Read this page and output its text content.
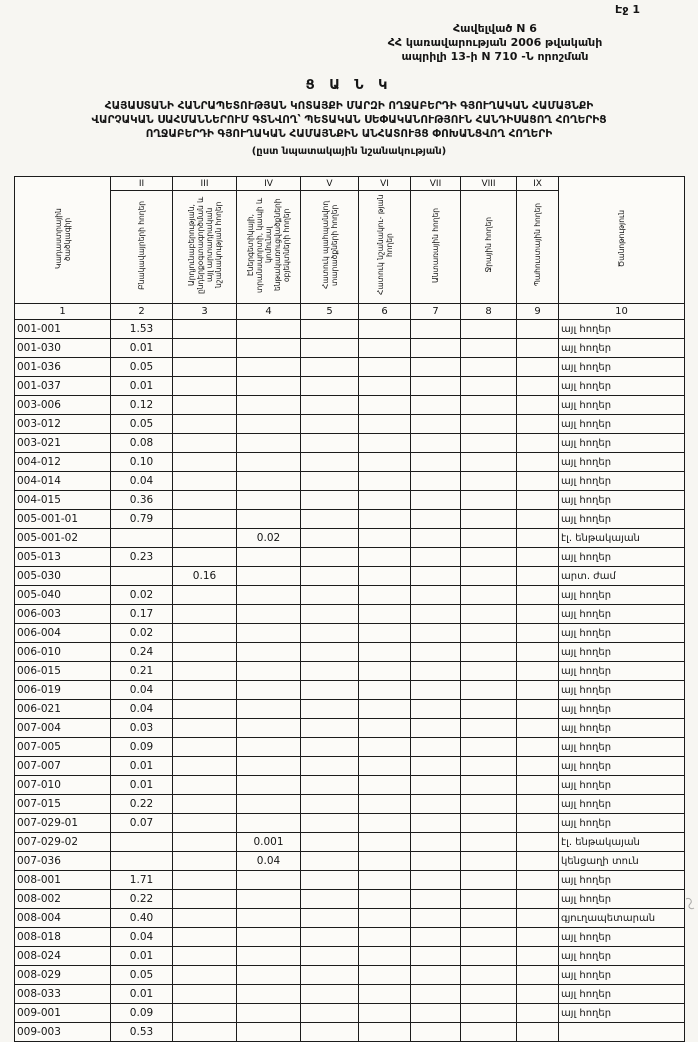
Էջ 1
Հավելված N 6
ՀՀ կառավարության 2006 թվականի
ապրիլի 13-ի N 710 -Ն որոշման
Ց Ա Ն Կ
ՀԱՅԱՍՏԱՆԻ ՀԱՆՐԱՊԵՏՈՒԹՅԱՆ ԿՈՏԱՅՔԻ ՄԱՐԶԻ ՈՂՋԱԲԵՐԴԻ ԳՅՈՒՂԱԿԱՆ ՀԱՄԱՅՆՔԻ
ՎԱՐՉԱԿԱՆ ՍԱՀՄԱՆՆԵՐՈՒՄ ԳՏՆՎՈՂ՝ ՊԵՏԱԿԱՆ ՍԵՓԱԿԱՆՈՒԹՅՈՒՆ ՀԱՆԴԻՍԱՑՈՂ ՀՈՂԵՐԻՑ
ՈՂՋԱԲԵՐԴԻ ԳՅՈՒՂԱԿԱՆ ՀԱՄԱՅՆՔԻՆ ԱՆՀԱՏՈՒՅՑ ՓՈԽԱՆՑՎՈՂ ՀՈՂԵՐԻ
(ըստ նպատակային նշանակության)
Կադաստրային ծածկագիր	II	III	IV	V	VI	VII	VIII	IX	Ծանոթություն
	Բնակավայրերի հողեր	Արդյունաբերության, ընդերքօգտագործման և այլ արտադրական նշանակության հողեր	Էներգետիկայի, տրանսպորտի, կապի և կոմունալ ենթակառուցվածքների օբյեկտների հողեր	Հատուկ պահպանվող տարածքների հողեր	Հատուկ նշանակու- թյան հողեր	Անտառային հողեր	Ջրային հողեր	Պահուստային հողեր	
1	2	3	4	5	6	7	8	9	10
001-001	1.53								այլ հողեր
001-030	0.01								այլ հողեր
001-036	0.05								այլ հողեր
001-037	0.01								այլ հողեր
003-006	0.12								այլ հողեր
003-012	0.05								այլ հողեր
003-021	0.08								այլ հողեր
004-012	0.10								այլ հողեր
004-014	0.04								այլ հողեր
004-015	0.36								այլ հողեր
005-001-01	0.79								այլ հողեր
005-001-02			0.02						էլ. ենթակայան
005-013	0.23								այլ հողեր
005-030		0.16							արտ. ժամ
005-040	0.02								այլ հողեր
006-003	0.17								այլ հողեր
006-004	0.02								այլ հողեր
006-010	0.24								այլ հողեր
006-015	0.21								այլ հողեր
006-019	0.04								այլ հողեր
006-021	0.04								այլ հողեր
007-004	0.03								այլ հողեր
007-005	0.09								այլ հողեր
007-007	0.01								այլ հողեր
007-010	0.01								այլ հողեր
007-015	0.22								այլ հողեր
007-029-01	0.07								այլ հողեր
007-029-02			0.001						էլ. ենթակայան
007-036			0.04						կենցաղի տուն
008-001	1.71								այլ հողեր
008-002	0.22								այլ հողեր
008-004	0.40								գյուղապետարան
008-018	0.04								այլ հողեր
008-024	0.01								այլ հողեր
008-029	0.05								այլ հողեր
008-033	0.01								այլ հողեր
009-001	0.09								այլ հողեր
009-003	0.53								
